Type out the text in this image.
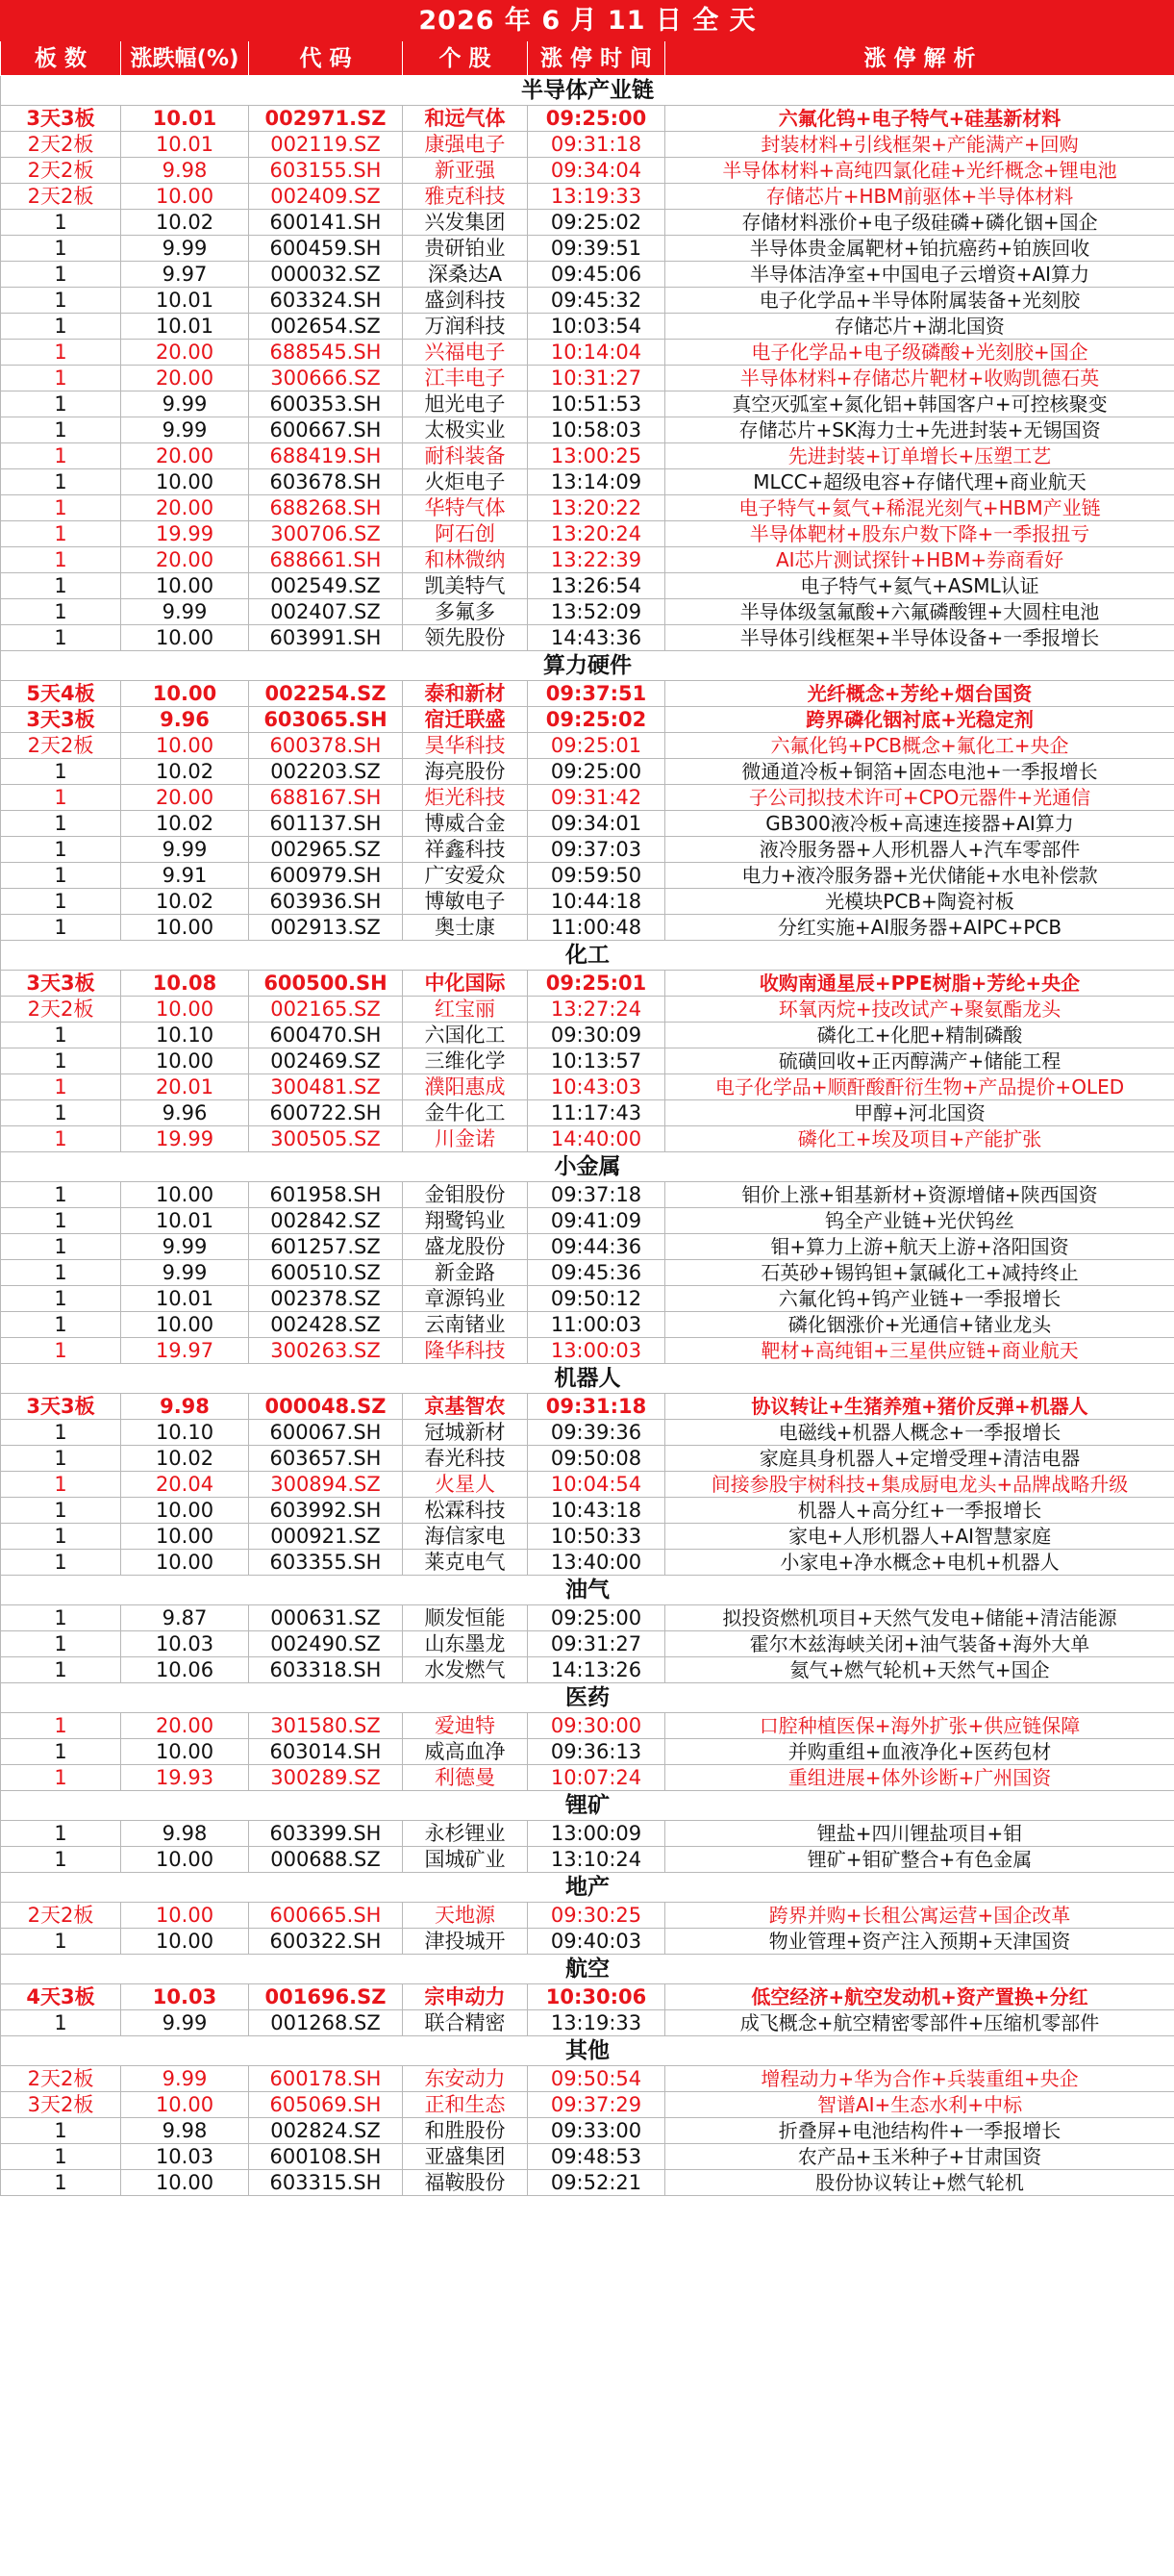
2026 年 6 月 11 日 全 天					
板 数	涨跌幅(%)	代 码	个 股	涨 停 时 间	涨 停 解 析
半导体产业链					
3天3板	10.01	002971.SZ	和远气体	09:25:00	六氟化钨+电子特气+硅基新材料
2天2板	10.01	002119.SZ	康强电子	09:31:18	封装材料+引线框架+产能满产+回购
2天2板	9.98	603155.SH	新亚强	09:34:04	半导体材料+高纯四氯化硅+光纤概念+锂电池
2天2板	10.00	002409.SZ	雅克科技	13:19:33	存储芯片+HBM前驱体+半导体材料
1	10.02	600141.SH	兴发集团	09:25:02	存储材料涨价+电子级硅磷+磷化铟+国企
1	9.99	600459.SH	贵研铂业	09:39:51	半导体贵金属靶材+铂抗癌药+铂族回收
1	9.97	000032.SZ	深桑达A	09:45:06	半导体洁净室+中国电子云增资+AI算力
1	10.01	603324.SH	盛剑科技	09:45:32	电子化学品+半导体附属装备+光刻胶
1	10.01	002654.SZ	万润科技	10:03:54	存储芯片+湖北国资
1	20.00	688545.SH	兴福电子	10:14:04	电子化学品+电子级磷酸+光刻胶+国企
1	20.00	300666.SZ	江丰电子	10:31:27	半导体材料+存储芯片靶材+收购凯德石英
1	9.99	600353.SH	旭光电子	10:51:53	真空灭弧室+氮化铝+韩国客户+可控核聚变
1	9.99	600667.SH	太极实业	10:58:03	存储芯片+SK海力士+先进封装+无锡国资
1	20.00	688419.SH	耐科装备	13:00:25	先进封装+订单增长+压塑工艺
1	10.00	603678.SH	火炬电子	13:14:09	MLCC+超级电容+存储代理+商业航天
1	20.00	688268.SH	华特气体	13:20:22	电子特气+氦气+稀混光刻气+HBM产业链
1	19.99	300706.SZ	阿石创	13:20:24	半导体靶材+股东户数下降+一季报扭亏
1	20.00	688661.SH	和林微纳	13:22:39	AI芯片测试探针+HBM+券商看好
1	10.00	002549.SZ	凯美特气	13:26:54	电子特气+氦气+ASML认证
1	9.99	002407.SZ	多氟多	13:52:09	半导体级氢氟酸+六氟磷酸锂+大圆柱电池
1	10.00	603991.SH	领先股份	14:43:36	半导体引线框架+半导体设备+一季报增长
算力硬件					
5天4板	10.00	002254.SZ	泰和新材	09:37:51	光纤概念+芳纶+烟台国资
3天3板	9.96	603065.SH	宿迁联盛	09:25:02	跨界磷化铟衬底+光稳定剂
2天2板	10.00	600378.SH	昊华科技	09:25:01	六氟化钨+PCB概念+氟化工+央企
1	10.02	002203.SZ	海亮股份	09:25:00	微通道冷板+铜箔+固态电池+一季报增长
1	20.00	688167.SH	炬光科技	09:31:42	子公司拟技术许可+CPO元器件+光通信
1	10.02	601137.SH	博威合金	09:34:01	GB300液冷板+高速连接器+AI算力
1	9.99	002965.SZ	祥鑫科技	09:37:03	液冷服务器+人形机器人+汽车零部件
1	9.91	600979.SH	广安爱众	09:59:50	电力+液冷服务器+光伏储能+水电补偿款
1	10.02	603936.SH	博敏电子	10:44:18	光模块PCB+陶瓷衬板
1	10.00	002913.SZ	奥士康	11:00:48	分红实施+AI服务器+AIPC+PCB
化工					
3天3板	10.08	600500.SH	中化国际	09:25:01	收购南通星辰+PPE树脂+芳纶+央企
2天2板	10.00	002165.SZ	红宝丽	13:27:24	环氧丙烷+技改试产+聚氨酯龙头
1	10.10	600470.SH	六国化工	09:30:09	磷化工+化肥+精制磷酸
1	10.00	002469.SZ	三维化学	10:13:57	硫磺回收+正丙醇满产+储能工程
1	20.01	300481.SZ	濮阳惠成	10:43:03	电子化学品+顺酐酸酐衍生物+产品提价+OLED
1	9.96	600722.SH	金牛化工	11:17:43	甲醇+河北国资
1	19.99	300505.SZ	川金诺	14:40:00	磷化工+埃及项目+产能扩张
小金属					
1	10.00	601958.SH	金钼股份	09:37:18	钼价上涨+钼基新材+资源增储+陕西国资
1	10.01	002842.SZ	翔鹭钨业	09:41:09	钨全产业链+光伏钨丝
1	9.99	601257.SZ	盛龙股份	09:44:36	钼+算力上游+航天上游+洛阳国资
1	9.99	600510.SZ	新金路	09:45:36	石英砂+锡钨钽+氯碱化工+减持终止
1	10.01	002378.SZ	章源钨业	09:50:12	六氟化钨+钨产业链+一季报增长
1	10.00	002428.SZ	云南锗业	11:00:03	磷化铟涨价+光通信+锗业龙头
1	19.97	300263.SZ	隆华科技	13:00:03	靶材+高纯钼+三星供应链+商业航天
机器人					
3天3板	9.98	000048.SZ	京基智农	09:31:18	协议转让+生猪养殖+猪价反弹+机器人
1	10.10	600067.SH	冠城新材	09:39:36	电磁线+机器人概念+一季报增长
1	10.02	603657.SH	春光科技	09:50:08	家庭具身机器人+定增受理+清洁电器
1	20.04	300894.SZ	火星人	10:04:54	间接参股宇树科技+集成厨电龙头+品牌战略升级
1	10.00	603992.SH	松霖科技	10:43:18	机器人+高分红+一季报增长
1	10.00	000921.SZ	海信家电	10:50:33	家电+人形机器人+AI智慧家庭
1	10.00	603355.SH	莱克电气	13:40:00	小家电+净水概念+电机+机器人
油气					
1	9.87	000631.SZ	顺发恒能	09:25:00	拟投资燃机项目+天然气发电+储能+清洁能源
1	10.03	002490.SZ	山东墨龙	09:31:27	霍尔木兹海峡关闭+油气装备+海外大单
1	10.06	603318.SH	水发燃气	14:13:26	氦气+燃气轮机+天然气+国企
医药					
1	20.00	301580.SZ	爱迪特	09:30:00	口腔种植医保+海外扩张+供应链保障
1	10.00	603014.SH	威高血净	09:36:13	并购重组+血液净化+医药包材
1	19.93	300289.SZ	利德曼	10:07:24	重组进展+体外诊断+广州国资
锂矿					
1	9.98	603399.SH	永杉锂业	13:00:09	锂盐+四川锂盐项目+钼
1	10.00	000688.SZ	国城矿业	13:10:24	锂矿+钼矿整合+有色金属
地产					
2天2板	10.00	600665.SH	天地源	09:30:25	跨界并购+长租公寓运营+国企改革
1	10.00	600322.SH	津投城开	09:40:03	物业管理+资产注入预期+天津国资
航空					
4天3板	10.03	001696.SZ	宗申动力	10:30:06	低空经济+航空发动机+资产置换+分红
1	9.99	001268.SZ	联合精密	13:19:33	成飞概念+航空精密零部件+压缩机零部件
其他					
2天2板	9.99	600178.SH	东安动力	09:50:54	增程动力+华为合作+兵装重组+央企
3天2板	10.00	605069.SH	正和生态	09:37:29	智谱AI+生态水利+中标
1	9.98	002824.SZ	和胜股份	09:33:00	折叠屏+电池结构件+一季报增长
1	10.03	600108.SH	亚盛集团	09:48:53	农产品+玉米种子+甘肃国资
1	10.00	603315.SH	福鞍股份	09:52:21	股份协议转让+燃气轮机
